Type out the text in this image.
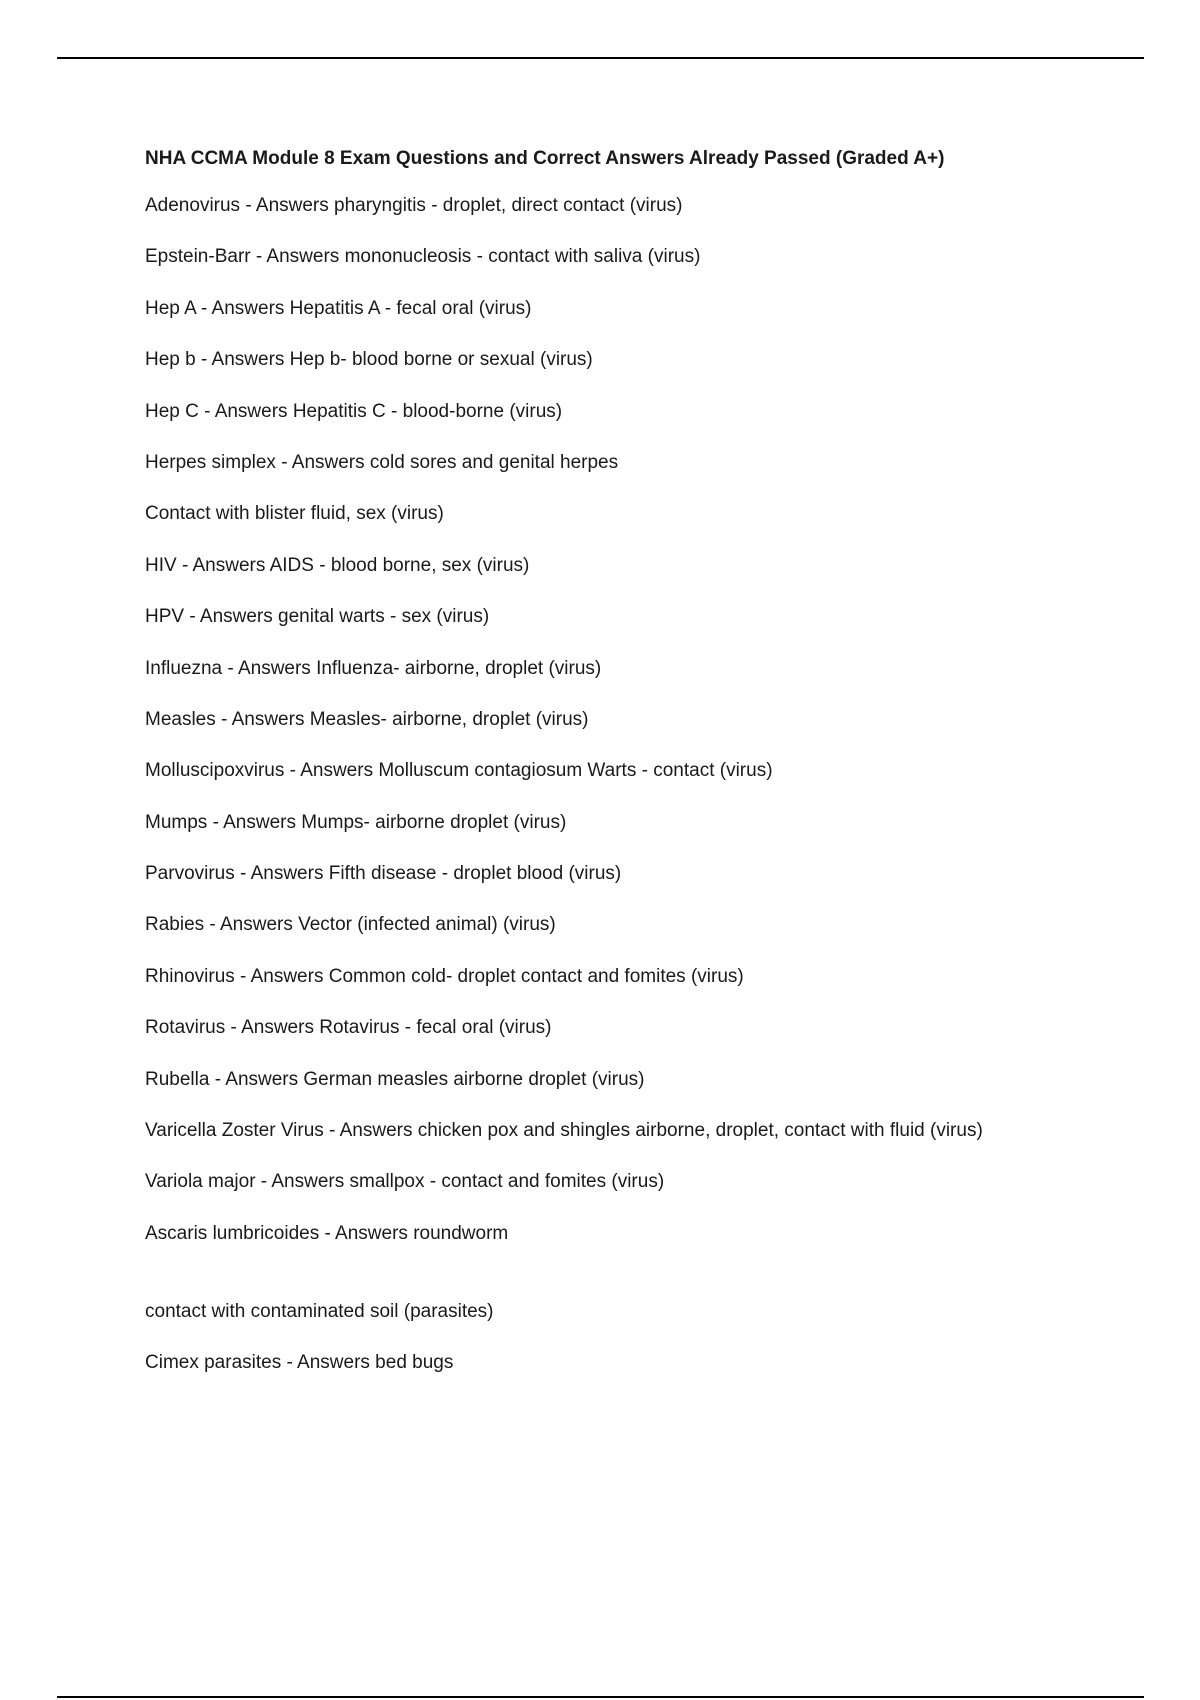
NHA CCMA Module 8 Exam Questions and Correct Answers Already Passed (Graded A+)
Adenovirus - Answers pharyngitis - droplet, direct contact (virus)
Epstein-Barr - Answers mononucleosis - contact with saliva (virus)
Hep A - Answers Hepatitis A - fecal oral (virus)
Hep b - Answers Hep b- blood borne or sexual (virus)
Hep C - Answers Hepatitis C - blood-borne (virus)
Herpes simplex - Answers cold sores and genital herpes
Contact with blister fluid, sex (virus)
HIV - Answers AIDS - blood borne, sex (virus)
HPV - Answers genital warts - sex (virus)
Influezna - Answers Influenza- airborne, droplet (virus)
Measles - Answers Measles- airborne, droplet (virus)
Molluscipoxvirus - Answers Molluscum contagiosum Warts - contact (virus)
Mumps - Answers Mumps- airborne droplet (virus)
Parvovirus - Answers Fifth disease - droplet blood (virus)
Rabies - Answers Vector (infected animal) (virus)
Rhinovirus - Answers Common cold- droplet contact and fomites (virus)
Rotavirus - Answers Rotavirus - fecal oral (virus)
Rubella - Answers German measles airborne droplet (virus)
Varicella Zoster Virus - Answers chicken pox and shingles airborne, droplet, contact with fluid (virus)
Variola major - Answers smallpox - contact and fomites (virus)
Ascaris lumbricoides - Answers roundworm
contact with contaminated soil (parasites)
Cimex parasites - Answers bed bugs
